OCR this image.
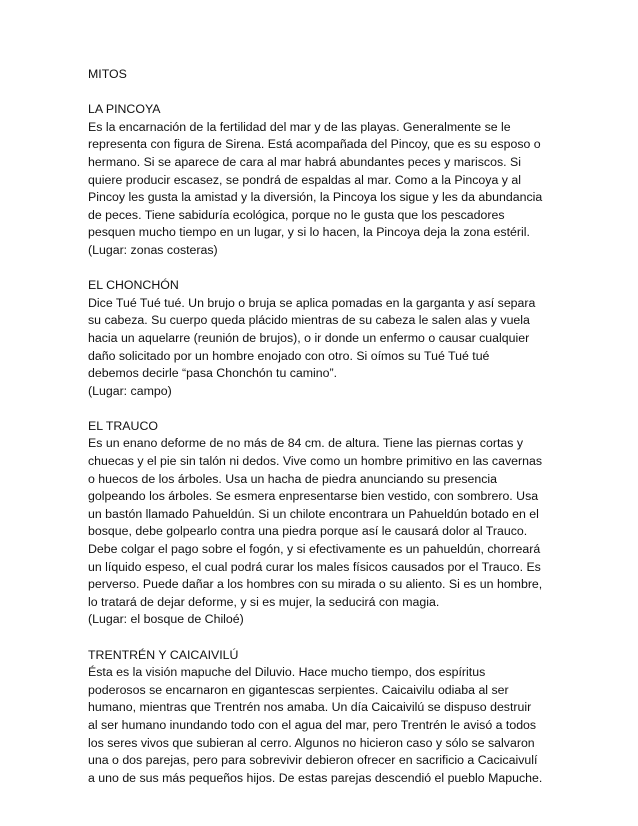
MITOS
LA PINCOYA
Es la encarnación de la fertilidad del mar y de las playas. Generalmente se le
representa con figura de Sirena. Está acompañada del Pincoy, que es su esposo o
hermano. Si se aparece de cara al mar habrá abundantes peces y mariscos. Si
quiere producir escasez, se pondrá de espaldas al mar. Como a la Pincoya y al
Pincoy les gusta la amistad y la diversión, la Pincoya los sigue y les da abundancia
de peces. Tiene sabiduría ecológica, porque no le gusta que los pescadores
pesquen mucho tiempo en un lugar, y si lo hacen, la Pincoya deja la zona estéril.
(Lugar: zonas costeras)
EL CHONCHÓN
Dice Tué Tué tué. Un brujo o bruja se aplica pomadas en la garganta y así separa
su cabeza. Su cuerpo queda plácido mientras de su cabeza le salen alas y vuela
hacia un aquelarre (reunión de brujos), o ir donde un enfermo o causar cualquier
daño solicitado por un hombre enojado con otro. Si oímos su Tué Tué tué
debemos decirle “pasa Chonchón tu camino”.
(Lugar: campo)
EL TRAUCO
Es un enano deforme de no más de 84 cm. de altura. Tiene las piernas cortas y
chuecas y el pie sin talón ni dedos. Vive como un hombre primitivo en las cavernas
o huecos de los árboles. Usa un hacha de piedra anunciando su presencia
golpeando los árboles. Se esmera enpresentarse bien vestido, con sombrero. Usa
un bastón llamado Pahueldún. Si un chilote encontrara un Pahueldún botado en el
bosque, debe golpearlo contra una piedra porque así le causará dolor al Trauco.
Debe colgar el pago sobre el fogón, y si efectivamente es un pahueldún, chorreará
un líquido espeso, el cual podrá curar los males físicos causados por el Trauco. Es
perverso. Puede dañar a los hombres con su mirada o su aliento. Si es un hombre,
lo tratará de dejar deforme, y si es mujer, la seducirá con magia.
(Lugar: el bosque de Chiloé)
TRENTRÉN Y CAICAIVILÚ
Ésta es la visión mapuche del Diluvio. Hace mucho tiempo, dos espíritus
poderosos se encarnaron en gigantescas serpientes. Caicaivilu odiaba al ser
humano, mientras que Trentrén nos amaba. Un día Caicaivilú se dispuso destruir
al ser humano inundando todo con el agua del mar, pero Trentrén le avisó a todos
los seres vivos que subieran al cerro. Algunos no hicieron caso y sólo se salvaron
una o dos parejas, pero para sobrevivir debieron ofrecer en sacrificio a Cacicaivulí
a uno de sus más pequeños hijos. De estas parejas descendió el pueblo Mapuche.
